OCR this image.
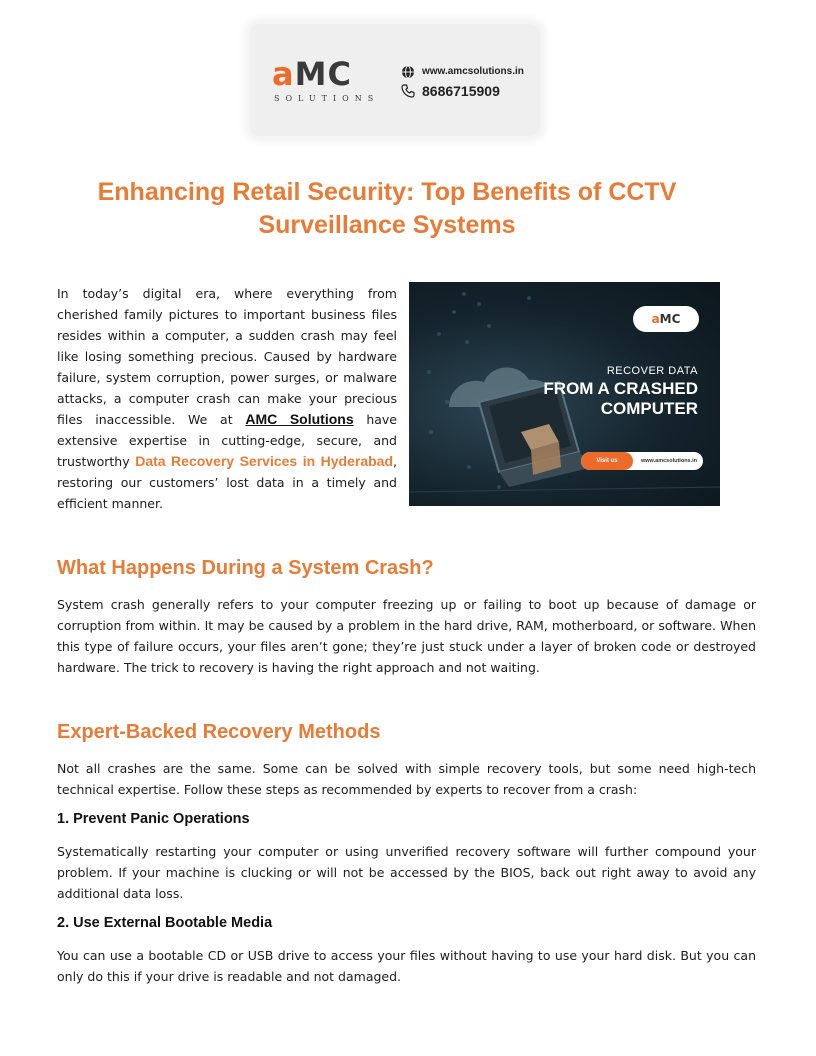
aMC
SOLUTIONS
www.amcsolutions.in
8686715909
Enhancing Retail Security: Top Benefits of CCTV Surveillance Systems

In today’s digital era, where everything from cherished family pictures to important business files resides within a computer, a sudden crash may feel like losing something precious. Caused by hardware failure, system corruption, power surges, or malware attacks, a computer crash can make your precious files inaccessible. We at AMC Solutions have extensive expertise in cutting-edge, secure, and trustworthy Data Recovery Services in Hyderabad, restoring our customers’ lost data in a timely and efficient manner.

a MC
RECOVER DATA
FROM A CRASHED
COMPUTER
Visit us	www.amcsolutions.in
What Happens During a System Crash?

System crash generally refers to your computer freezing up or failing to boot up because of damage or corruption from within. It may be caused by a problem in the hard drive, RAM, motherboard, or software. When this type of failure occurs, your files aren’t gone; they’re just stuck under a layer of broken code or destroyed hardware. The trick to recovery is having the right approach and not waiting.

Expert-Backed Recovery Methods

Not all crashes are the same. Some can be solved with simple recovery tools, but some need high-tech technical expertise. Follow these steps as recommended by experts to recover from a crash:

1. Prevent Panic Operations

Systematically restarting your computer or using unverified recovery software will further compound your problem. If your machine is clucking or will not be accessed by the BIOS, back out right away to avoid any additional data loss.

2. Use External Bootable Media

You can use a bootable CD or USB drive to access your files without having to use your hard disk. But you can only do this if your drive is readable and not damaged.
